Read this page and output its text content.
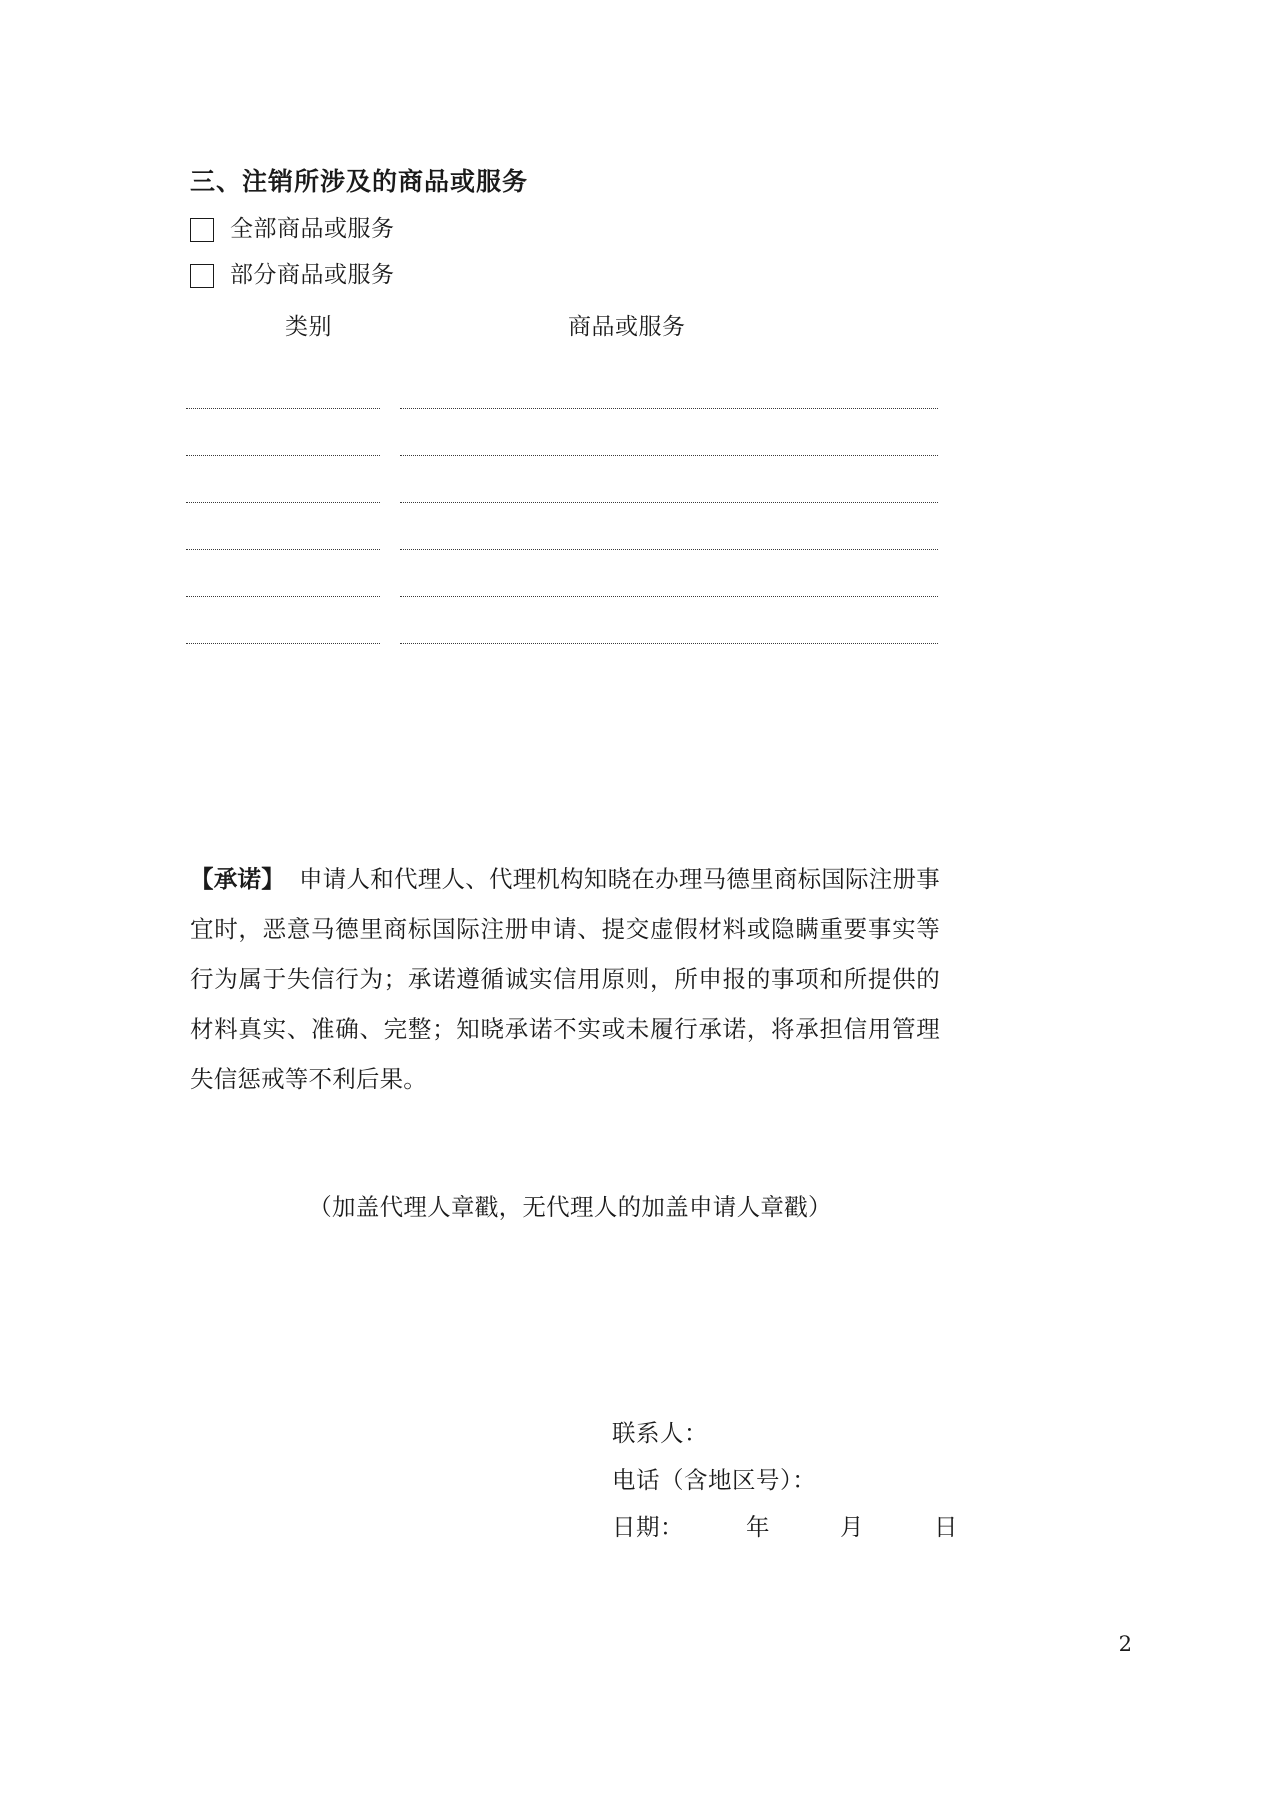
三、注销所涉及的商品或服务
全部商品或服务
部分商品或服务
类别	商品或服务

【承诺】 申请人和代理人、代理机构知晓在办理马德里商标国际注册事宜时，恶意马德里商标国际注册申请、提交虚假材料或隐瞒重要事实等行为属于失信行为；承诺遵循诚实信用原则，所申报的事项和所提供的材料真实、准确、完整；知晓承诺不实或未履行承诺，将承担信用管理失信惩戒等不利后果。

（加盖代理人章戳，无代理人的加盖申请人章戳）
联系人：
电话（含地区号）：
日期：	年	月	日
2
